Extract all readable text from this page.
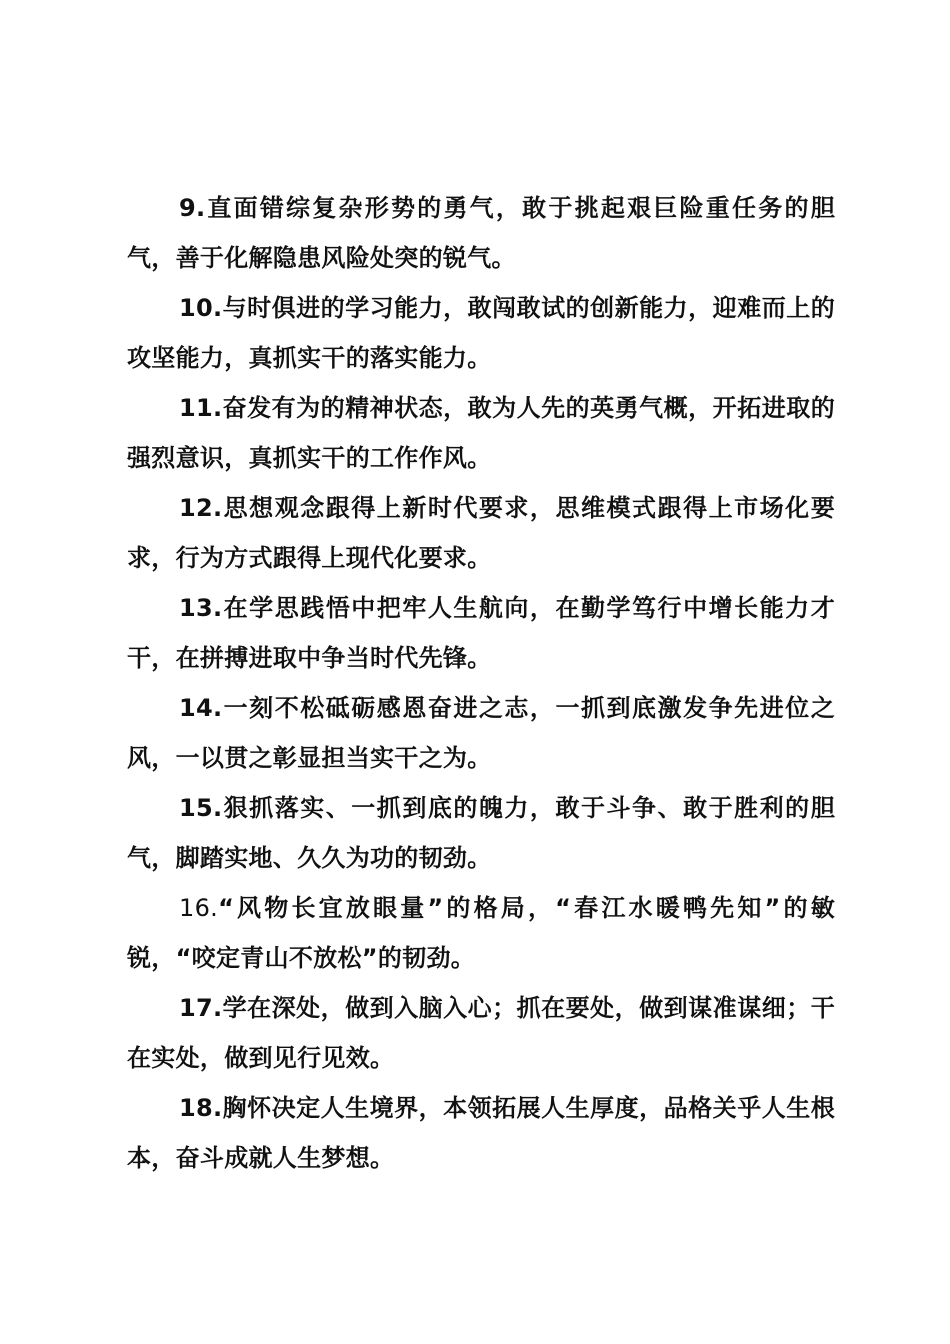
9.直面错综复杂形势的勇气，敢于挑起艰巨险重任务的胆气，善于化解隐患风险处突的锐气。

10.与时俱进的学习能力，敢闯敢试的创新能力，迎难而上的攻坚能力，真抓实干的落实能力。

11.奋发有为的精神状态，敢为人先的英勇气概，开拓进取的强烈意识，真抓实干的工作作风。

12.思想观念跟得上新时代要求，思维模式跟得上市场化要求，行为方式跟得上现代化要求。

13.在学思践悟中把牢人生航向，在勤学笃行中增长能力才干，在拼搏进取中争当时代先锋。

14.一刻不松砥砺感恩奋进之志，一抓到底激发争先进位之风，一以贯之彰显担当实干之为。

15.狠抓落实、一抓到底的魄力，敢于斗争、敢于胜利的胆气，脚踏实地、久久为功的韧劲。

16.“风物长宜放眼量”的格局，“春江水暖鸭先知”的敏锐，“咬定青山不放松”的韧劲。

17.学在深处，做到入脑入心；抓在要处，做到谋准谋细；干在实处，做到见行见效。

18.胸怀决定人生境界，本领拓展人生厚度，品格关乎人生根本，奋斗成就人生梦想。
